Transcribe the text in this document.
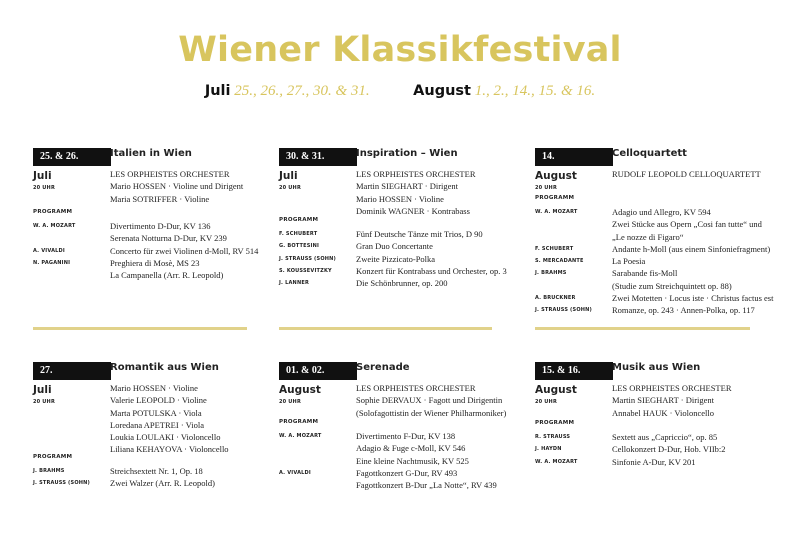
Wiener Klassikfestival
Juli 25., 26., 27., 30. & 31.	August 1., 2., 14., 15. & 16.
25. & 26.	Italien in Wien
Juli
20 UHR
LES ORPHEISTES ORCHESTER
Mario HOSSEN · Violine und Dirigent
Maria SOTRIFFER · Violine
PROGRAMM
W. A. MOZART	Divertimento D-Dur, KV 136
Serenata Notturna D-Dur, KV 239
A. VIVALDI	Concerto für zwei Violinen d-Moll, RV 514
N. PAGANINI	Preghiera di Mosè, MS 23
La Campanella (Arr. R. Leopold)
30. & 31.	Inspiration – Wien
Juli
20 UHR
LES ORPHEISTES ORCHESTER
Martin SIEGHART · Dirigent
Mario HOSSEN · Violine
Dominik WAGNER · Kontrabass
PROGRAMM
F. SCHUBERT	Fünf Deutsche Tänze mit Trios, D 90
G. BOTTESINI	Gran Duo Concertante
J. STRAUSS (SOHN) Zweite Pizzicato-Polka
S. KOUSSEVITZKY	Konzert für Kontrabass und Orchester, op. 3
J. LANNER	Die Schönbrunner, op. 200
14.	Celloquartett
August
20 UHR
RUDOLF LEOPOLD CELLOQUARTETT
PROGRAMM
W. A. MOZART	Adagio und Allegro, KV 594
Zwei Stücke aus Opern „Cosi fan tutte“ und
„Le nozze di Figaro“
F. SCHUBERT	Andante h-Moll (aus einem Sinfoniefragment)
S. MERCADANTE	La Poesia
J. BRAHMS	Sarabande fis-Moll
(Studie zum Streichquintett op. 88)
A. BRUCKNER	Zwei Motetten · Locus iste · Christus factus est
J. STRAUSS (SOHN) Romanze, op. 243 · Annen-Polka, op. 117
27.	Romantik aus Wien
Juli
20 UHR
Mario HOSSEN · Violine
Valerie LEOPOLD · Violine
Marta POTULSKA · Viola
Loredana APETREI · Viola
Loukia LOULAKI · Violoncello
Liliana KEHAYOVA · Violoncello
PROGRAMM
J. BRAHMS	Streichsextett Nr. 1, Op. 18
J. STRAUSS (SOHN) Zwei Walzer (Arr. R. Leopold)
01. & 02.	Serenade
August
20 UHR
LES ORPHEISTES ORCHESTER
Sophie DERVAUX · Fagott und Dirigentin
(Solofagottistin der Wiener Philharmoniker)
PROGRAMM
W. A. MOZART	Divertimento F-Dur, KV 138
Adagio & Fuge c-Moll, KV 546
Eine kleine Nachtmusik, KV 525
A. VIVALDI	Fagottkonzert G-Dur, RV 493
Fagottkonzert B-Dur „La Notte“, RV 439
15. & 16.	Musik aus Wien
August
20 UHR
LES ORPHEISTES ORCHESTER
Martin SIEGHART · Dirigent
Annabel HAUK · Violoncello
PROGRAMM
R. STRAUSS	Sextett aus „Capriccio“, op. 85
J. HAYDN	Cellokonzert D-Dur, Hob. VIIb:2
W. A. MOZART	Sinfonie A-Dur, KV 201
